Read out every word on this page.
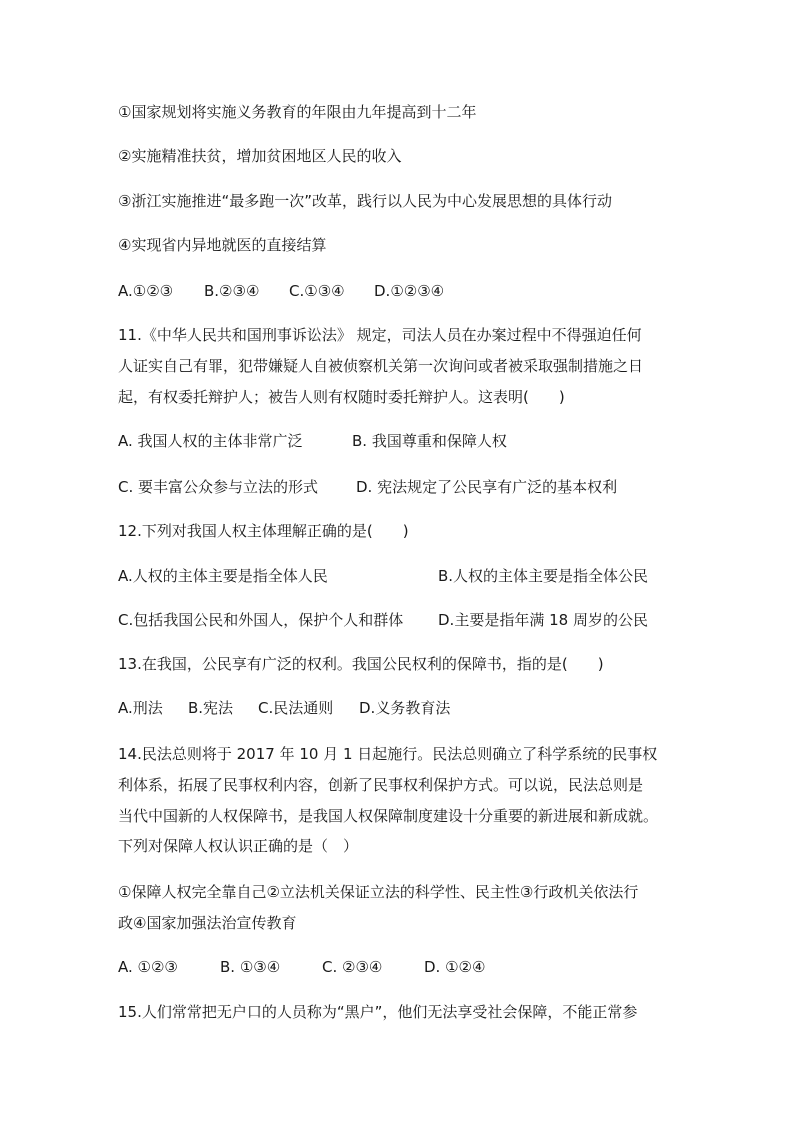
①国家规划将实施义务教育的年限由九年提高到十二年
②实施精准扶贫，增加贫困地区人民的收入
③浙江实施推进“最多跑一次”改革，践行以人民为中心发展思想的具体行动
④实现省内异地就医的直接结算
A.①②③	B.②③④	C.①③④	D.①②③④
11.《中华人民共和国刑事诉讼法》 规定，司法人员在办案过程中不得强迫任何
人证实自己有罪，犯带嫌疑人自被侦察机关第一次询问或者被采取强制措施之日
起，有权委托辩护人；被告人则有权随时委托辩护人。这表明(　　)
A. 我国人权的主体非常广泛	B. 我国尊重和保障人权
C. 要丰富公众参与立法的形式	D. 宪法规定了公民享有广泛的基本权利
12.下列对我国人权主体理解正确的是(　　)
A.人权的主体主要是指全体人民	B.人权的主体主要是指全体公民
C.包括我国公民和外国人，保护个人和群体	D.主要是指年满 18 周岁的公民
13.在我国，公民享有广泛的权利。我国公民权利的保障书，指的是(　　)
A.刑法	B.宪法	C.民法通则	D.义务教育法
14.民法总则将于 2017 年 10 月 1 日起施行。民法总则确立了科学系统的民事权
利体系，拓展了民事权利内容，创新了民事权利保护方式。可以说，民法总则是
当代中国新的人权保障书，是我国人权保障制度建设十分重要的新进展和新成就。
下列对保障人权认识正确的是（　）
①保障人权完全靠自己②立法机关保证立法的科学性、民主性③行政机关依法行
政④国家加强法治宣传教育
A. ①②③	B. ①③④	C. ②③④	D. ①②④
15.人们常常把无户口的人员称为“黑户”，他们无法享受社会保障，不能正常参
